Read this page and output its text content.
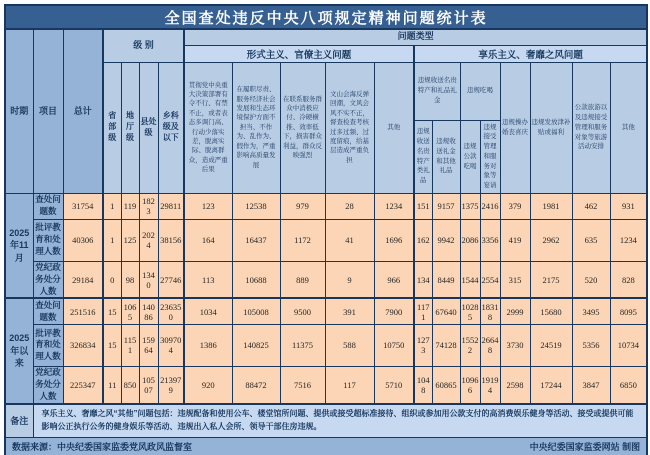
全国查处违反中央八项规定精神问题统计表																			
时期	项目	总计	级 别				问题类型												
							形式主义、官僚主义问题					享乐主义、奢靡之风问题							
			省部级	地厅级	县处级	乡科级及以下	贯彻党中央重大决策部署有令不行、有禁不止，或者表态多调门高、行动少落实差，脱离实际、脱离群众，造成严重后果	在履职尽责、服务经济社会发展和生态环境保护方面不担当、不作为、乱作为、假作为，严重影响高质量发展	在联系服务群众中消极应付、冷硬横推、效率低下，损害群众利益，群众反映强烈	文山会海反弹回潮，文风会风不实不正，督查检查考核过多过频、过度留痕，给基层造成严重负担	其他	违规收送名贵特产和礼品礼金		违规吃喝		违规操办婚丧喜庆	违规发放津补贴或福利	公款旅游以及违规接受管理和服务对象等旅游活动安排	其他
												违规收送名贵特产类礼品	违规收送礼金和其他礼品	违规公款吃喝	违规接受管理和服务对象等宴请				
2025年11月	查处问题数	31754	1	119	1823	29811	123	12538	979	28	1234	151	9157	1375	2416	379	1981	462	931
	批评教育和处理人数	40306	1	125	2024	38156	164	16437	1172	41	1696	162	9942	2086	3356	419	2962	635	1234
	党纪政务处分人数	29184	0	98	1340	27746	113	10688	889	9	966	134	8449	1544	2554	315	2175	520	828
2025年以来	查处问题数	251516	15	1065	14086	236350	1034	105008	9500	391	7900	1171	67640	10285	18318	2999	15680	3495	8095
	批评教育和处理人数	326834	15	1151	15964	309704	1386	140825	11375	588	10750	1273	74128	15522	26648	3730	24519	5356	10734
	党纪政务处分人数	225347	11	850	10507	213979	920	88472	7516	117	5710	1048	60865	10966	19194	2598	17244	3847	6850
备注	享乐主义、奢靡之风“其他”问题包括：违规配备和使用公车、楼堂馆所问题、提供或接受超标准接待、组织或参加用公款支付的高消费娱乐健身等活动、接受或提供可能影响公正执行公务的健身娱乐等活动、违规出入私人会所、领导干部住房违规。																		

数据来源：中央纪委国家监委党风政风监督室 中央纪委国家监委网站 制图																			
